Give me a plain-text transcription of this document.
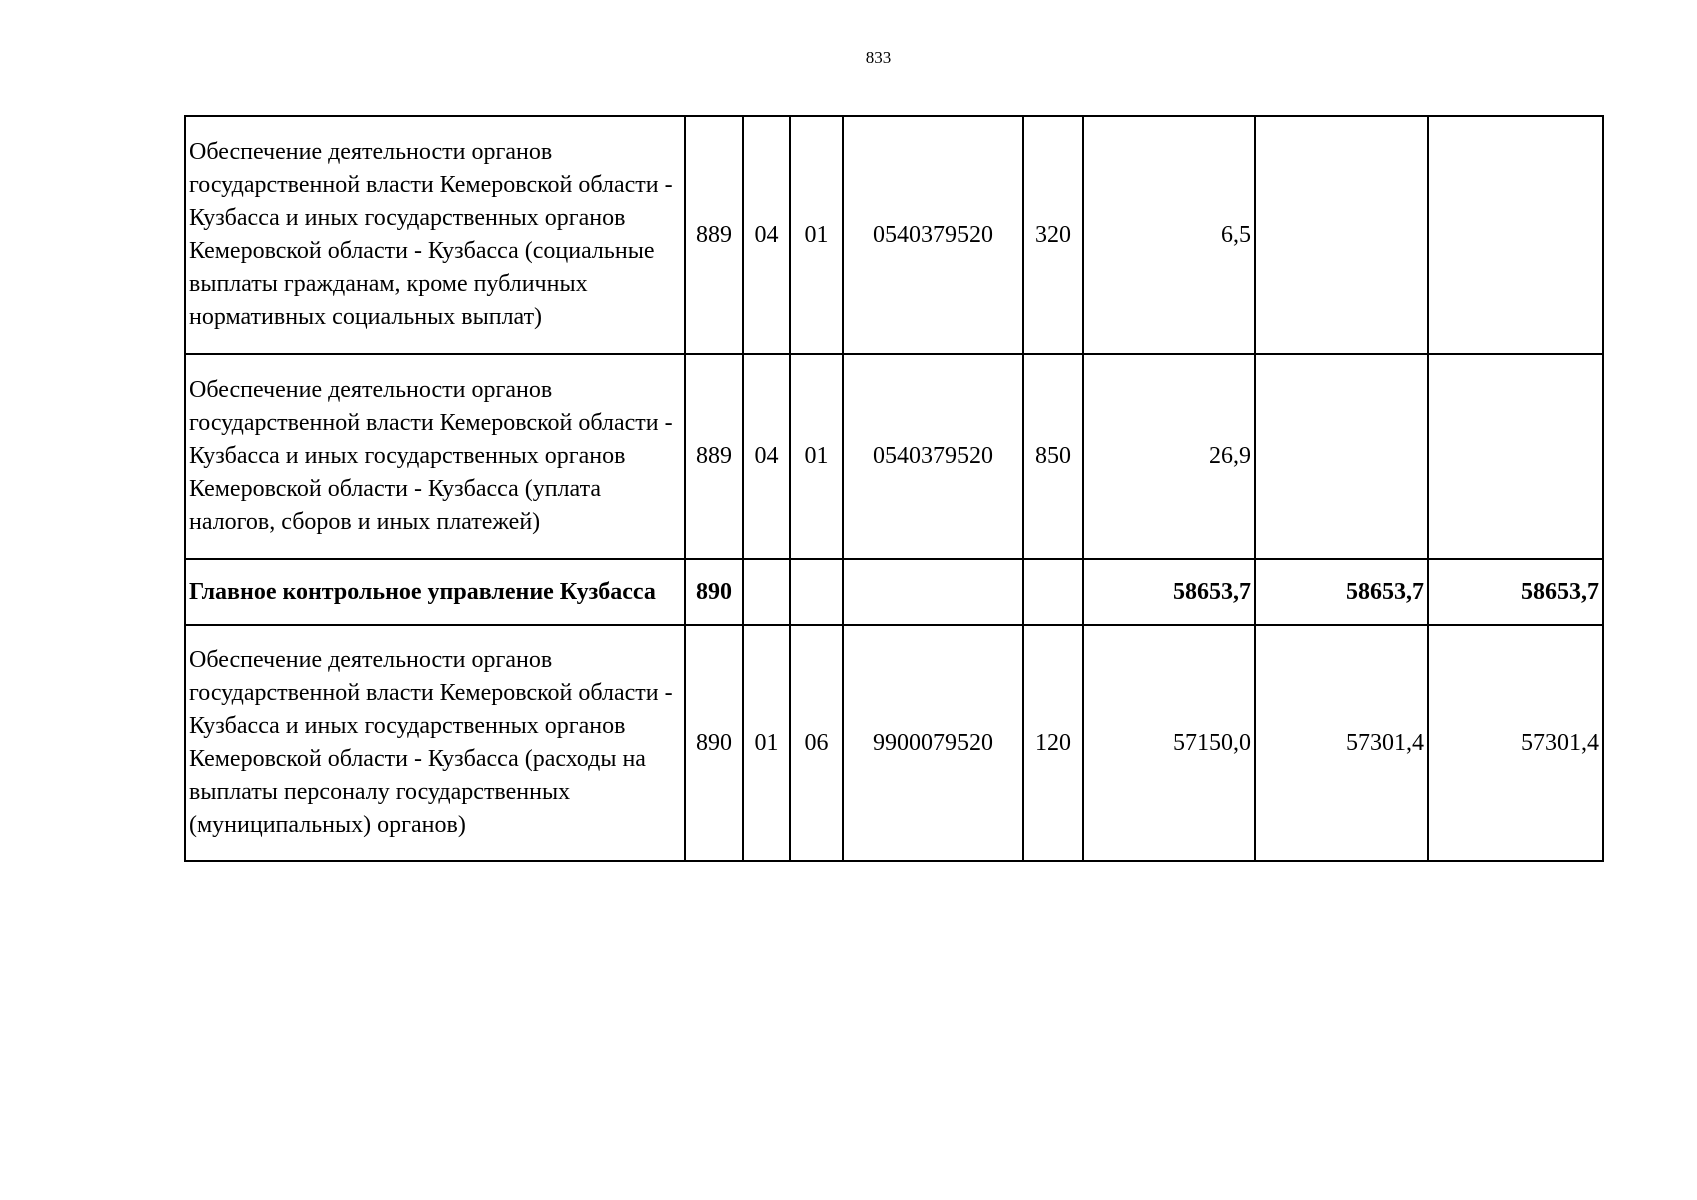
833
Обеспечение деятельности органов государственной власти Кемеровской области - Кузбасса и иных государственных органов Кемеровской области - Кузбасса (социальные выплаты гражданам, кроме публичных нормативных социальных выплат)	889	04	01	0540379520	320	6,5		
Обеспечение деятельности органов государственной власти Кемеровской области - Кузбасса и иных государственных органов Кемеровской области - Кузбасса (уплата налогов, сборов и иных платежей)	889	04	01	0540379520	850	26,9		
Главное контрольное управление Кузбасса	890					58653,7	58653,7	58653,7
Обеспечение деятельности органов государственной власти Кемеровской области - Кузбасса и иных государственных органов Кемеровской области - Кузбасса (расходы на выплаты персоналу государственных (муниципальных) органов)	890	01	06	9900079520	120	57150,0	57301,4	57301,4
